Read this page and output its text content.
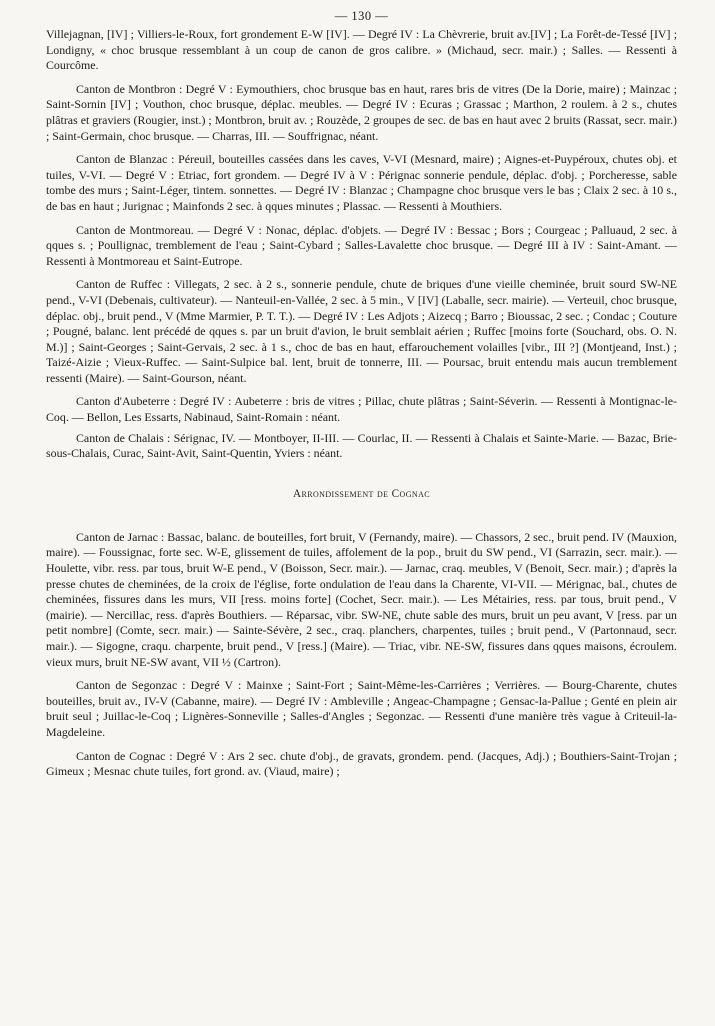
— 130 —

Villejagnan, [IV] ; Villiers-le-Roux, fort grondement E-W [IV]. — Degré IV : La Chèvrerie, bruit av.[IV] ; La Forêt-de-Tessé [IV] ; Londigny, « choc brusque ressemblant à un coup de canon de gros calibre. » (Michaud, secr. mair.) ; Salles. — Ressenti à Courcôme.

Canton de Montbron : Degré V : Eymouthiers, choc brusque bas en haut, rares bris de vitres (De la Dorie, maire) ; Mainzac ; Saint-Sornin [IV] ; Vouthon, choc brusque, déplac. meubles. — Degré IV : Ecuras ; Grassac ; Marthon, 2 roulem. à 2 s., chutes plâtras et graviers (Rougier, inst.) ; Montbron, bruit av. ; Rouzède, 2 groupes de sec. de bas en haut avec 2 bruits (Rassat, secr. mair.) ; Saint-Germain, choc brusque. — Charras, III. — Souffrignac, néant.

Canton de Blanzac : Péreuil, bouteilles cassées dans les caves, V-VI (Mesnard, maire) ; Aignes-et-Puypéroux, chutes obj. et tuiles, V-VI. — Degré V : Etriac, fort grondem. — Degré IV à V : Pérignac sonnerie pendule, déplac. d'obj. ; Porcheresse, sable tombe des murs ; Saint-Léger, tintem. sonnettes. — Degré IV : Blanzac ; Champagne choc brusque vers le bas ; Claix 2 sec. à 10 s., de bas en haut ; Jurignac ; Mainfonds 2 sec. à qques minutes ; Plassac. — Ressenti à Mouthiers.

Canton de Montmoreau. — Degré V : Nonac, déplac. d'objets. — Degré IV : Bessac ; Bors ; Courgeac ; Palluaud, 2 sec. à qques s. ; Poullignac, tremblement de l'eau ; Saint-Cybard ; Salles-Lavalette choc brusque. — Degré III à IV : Saint-Amant. — Ressenti à Montmoreau et Saint-Eutrope.

Canton de Ruffec : Villegats, 2 sec. à 2 s., sonnerie pendule, chute de briques d'une vieille cheminée, bruit sourd SW-NE pend., V-VI (Debenais, cultivateur). — Nanteuil-en-Vallée, 2 sec. à 5 min., V [IV] (Laballe, secr. mairie). — Verteuil, choc brusque, déplac. obj., bruit pend., V (Mme Marmier, P. T. T.). — Degré IV : Les Adjots ; Aizecq ; Barro ; Bioussac, 2 sec. ; Condac ; Couture ; Pougné, balanc. lent précédé de qques s. par un bruit d'avion, le bruit semblait aérien ; Ruffec [moins forte (Souchard, obs. O. N. M.)] ; Saint-Georges ; Saint-Gervais, 2 sec. à 1 s., choc de bas en haut, effarouchement volailles [vibr., III ?] (Montjeand, Inst.) ; Taizé-Aizie ; Vieux-Ruffec. — Saint-Sulpice bal. lent, bruit de tonnerre, III. — Poursac, bruit entendu mais aucun tremblement ressenti (Maire). — Saint-Gourson, néant.

Canton d'Aubeterre : Degré IV : Aubeterre : bris de vitres ; Pillac, chute plâtras ; Saint-Séverin. — Ressenti à Montignac-le-Coq. — Bellon, Les Essarts, Nabinaud, Saint-Romain : néant.

Canton de Chalais : Sérignac, IV. — Montboyer, II-III. — Courlac, II. — Ressenti à Chalais et Sainte-Marie. — Bazac, Brie-sous-Chalais, Curac, Saint-Avit, Saint-Quentin, Yviers : néant.

Arrondissement de Cognac

Canton de Jarnac : Bassac, balanc. de bouteilles, fort bruit, V (Fernandy, maire). — Chassors, 2 sec., bruit pend. IV (Mauxion, maire). — Foussignac, forte sec. W-E, glissement de tuiles, affolement de la pop., bruit du SW pend., VI (Sarrazin, secr. mair.). — Houlette, vibr. ress. par tous, bruit W-E pend., V (Boisson, Secr. mair.). — Jarnac, craq. meubles, V (Benoit, Secr. mair.) ; d'après la presse chutes de cheminées, de la croix de l'église, forte ondulation de l'eau dans la Charente, VI-VII. — Mérignac, bal., chutes de cheminées, fissures dans les murs, VII [ress. moins forte] (Cochet, Secr. mair.). — Les Métairies, ress. par tous, bruit pend., V (mairie). — Nercillac, ress. d'après Bouthiers. — Réparsac, vibr. SW-NE, chute sable des murs, bruit un peu avant, V [ress. par un petit nombre] (Comte, secr. mair.) — Sainte-Sévère, 2 sec., craq. planchers, charpentes, tuiles ; bruit pend., V (Partonnaud, secr. mair.). — Sigogne, craqu. charpente, bruit pend., V [ress.] (Maire). — Triac, vibr. NE-SW, fissures dans qques maisons, écroulem. vieux murs, bruit NE-SW avant, VII ½ (Cartron).

Canton de Segonzac : Degré V : Mainxe ; Saint-Fort ; Saint-Même-les-Carrières ; Verrières. — Bourg-Charente, chutes bouteilles, bruit av., IV-V (Cabanne, maire). — Degré IV : Ambleville ; Angeac-Champagne ; Gensac-la-Pallue ; Genté en plein air bruit seul ; Juillac-le-Coq ; Lignères-Sonneville ; Salles-d'Angles ; Segonzac. — Ressenti d'une manière très vague à Criteuil-la-Magdeleine.

Canton de Cognac : Degré V : Ars 2 sec. chute d'obj., de gravats, grondem. pend. (Jacques, Adj.) ; Bouthiers-Saint-Trojan ; Gimeux ; Mesnac chute tuiles, fort grond. av. (Viaud, maire) ;
